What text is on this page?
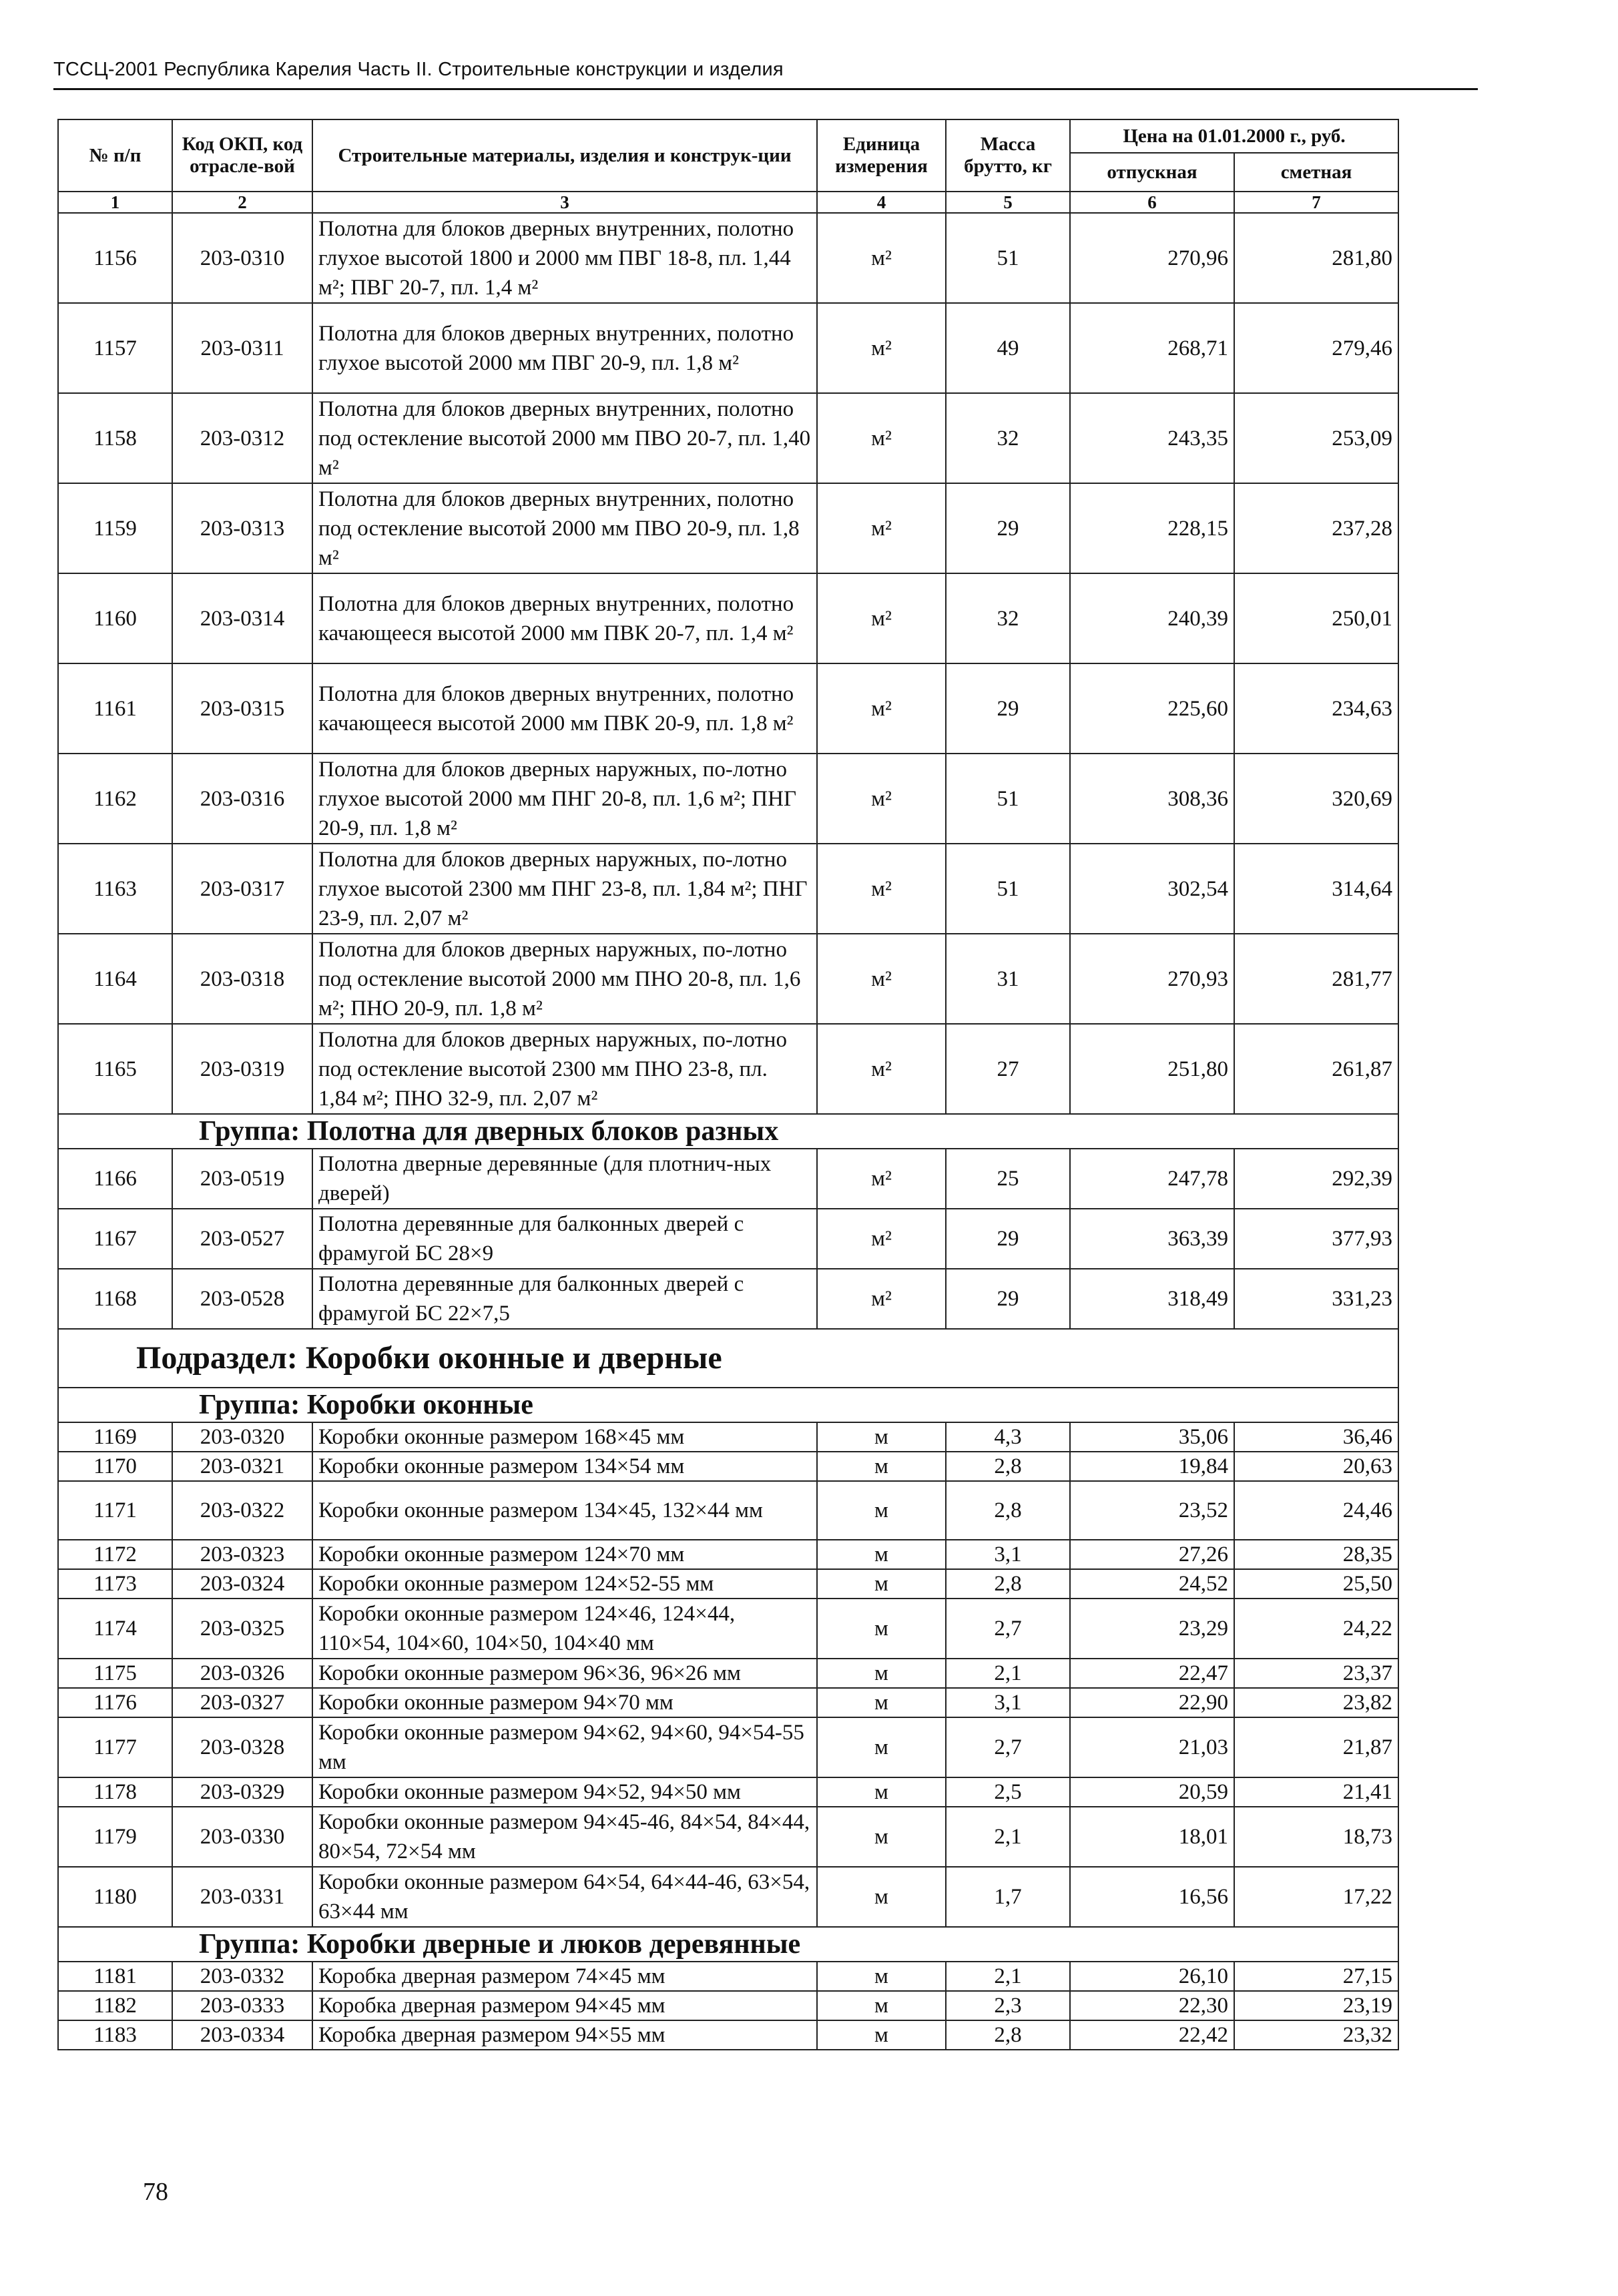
ТССЦ-2001 Республика Карелия Часть II. Строительные конструкции и изделия
№ п/п	Код ОКП, код отрасле-вой	Строительные материалы, изделия и конструк-ции	Единица измерения	Масса брутто, кг	Цена на 01.01.2000 г., руб.	
					отпускная	сметная
1	2	3	4	5	6	7
1156	203-0310	Полотна для блоков дверных внутренних, полотно глухое высотой 1800 и 2000 мм ПВГ 18-8, пл. 1,44 м²; ПВГ 20-7, пл. 1,4 м²	м²	51	270,96	281,80
1157	203-0311	Полотна для блоков дверных внутренних, полотно глухое высотой 2000 мм ПВГ 20-9, пл. 1,8 м²	м²	49	268,71	279,46
1158	203-0312	Полотна для блоков дверных внутренних, полотно под остекление высотой 2000 мм ПВО 20-7, пл. 1,40 м²	м²	32	243,35	253,09
1159	203-0313	Полотна для блоков дверных внутренних, полотно под остекление высотой 2000 мм ПВО 20-9, пл. 1,8 м²	м²	29	228,15	237,28
1160	203-0314	Полотна для блоков дверных внутренних, полотно качающееся высотой 2000 мм ПВК 20-7, пл. 1,4 м²	м²	32	240,39	250,01
1161	203-0315	Полотна для блоков дверных внутренних, полотно качающееся высотой 2000 мм ПВК 20-9, пл. 1,8 м²	м²	29	225,60	234,63
1162	203-0316	Полотна для блоков дверных наружных, по-лотно глухое высотой 2000 мм ПНГ 20-8, пл. 1,6 м²; ПНГ 20-9, пл. 1,8 м²	м²	51	308,36	320,69
1163	203-0317	Полотна для блоков дверных наружных, по-лотно глухое высотой 2300 мм ПНГ 23-8, пл. 1,84 м²; ПНГ 23-9, пл. 2,07 м²	м²	51	302,54	314,64
1164	203-0318	Полотна для блоков дверных наружных, по-лотно под остекление высотой 2000 мм ПНО 20-8, пл. 1,6 м²; ПНО 20-9, пл. 1,8 м²	м²	31	270,93	281,77
1165	203-0319	Полотна для блоков дверных наружных, по-лотно под остекление высотой 2300 мм ПНО 23-8, пл. 1,84 м²; ПНО 32-9, пл. 2,07 м²	м²	27	251,80	261,87
Группа: Полотна для дверных блоков разных						
1166	203-0519	Полотна дверные деревянные (для плотнич-ных дверей)	м²	25	247,78	292,39
1167	203-0527	Полотна деревянные для балконных дверей с фрамугой БС 28×9	м²	29	363,39	377,93
1168	203-0528	Полотна деревянные для балконных дверей с фрамугой БС 22×7,5	м²	29	318,49	331,23
Подраздел: Коробки оконные и дверные						
Группа: Коробки оконные						
1169	203-0320	Коробки оконные размером 168×45 мм	м	4,3	35,06	36,46
1170	203-0321	Коробки оконные размером 134×54 мм	м	2,8	19,84	20,63
1171	203-0322	Коробки оконные размером 134×45, 132×44 мм	м	2,8	23,52	24,46
1172	203-0323	Коробки оконные размером 124×70 мм	м	3,1	27,26	28,35
1173	203-0324	Коробки оконные размером 124×52-55 мм	м	2,8	24,52	25,50
1174	203-0325	Коробки оконные размером 124×46, 124×44, 110×54, 104×60, 104×50, 104×40 мм	м	2,7	23,29	24,22
1175	203-0326	Коробки оконные размером 96×36, 96×26 мм	м	2,1	22,47	23,37
1176	203-0327	Коробки оконные размером 94×70 мм	м	3,1	22,90	23,82
1177	203-0328	Коробки оконные размером 94×62, 94×60, 94×54-55 мм	м	2,7	21,03	21,87
1178	203-0329	Коробки оконные размером 94×52, 94×50 мм	м	2,5	20,59	21,41
1179	203-0330	Коробки оконные размером 94×45-46, 84×54, 84×44, 80×54, 72×54 мм	м	2,1	18,01	18,73
1180	203-0331	Коробки оконные размером 64×54, 64×44-46, 63×54, 63×44 мм	м	1,7	16,56	17,22
Группа: Коробки дверные и люков деревянные						
1181	203-0332	Коробка дверная размером 74×45 мм	м	2,1	26,10	27,15
1182	203-0333	Коробка дверная размером 94×45 мм	м	2,3	22,30	23,19
1183	203-0334	Коробка дверная размером 94×55 мм	м	2,8	22,42	23,32
78
